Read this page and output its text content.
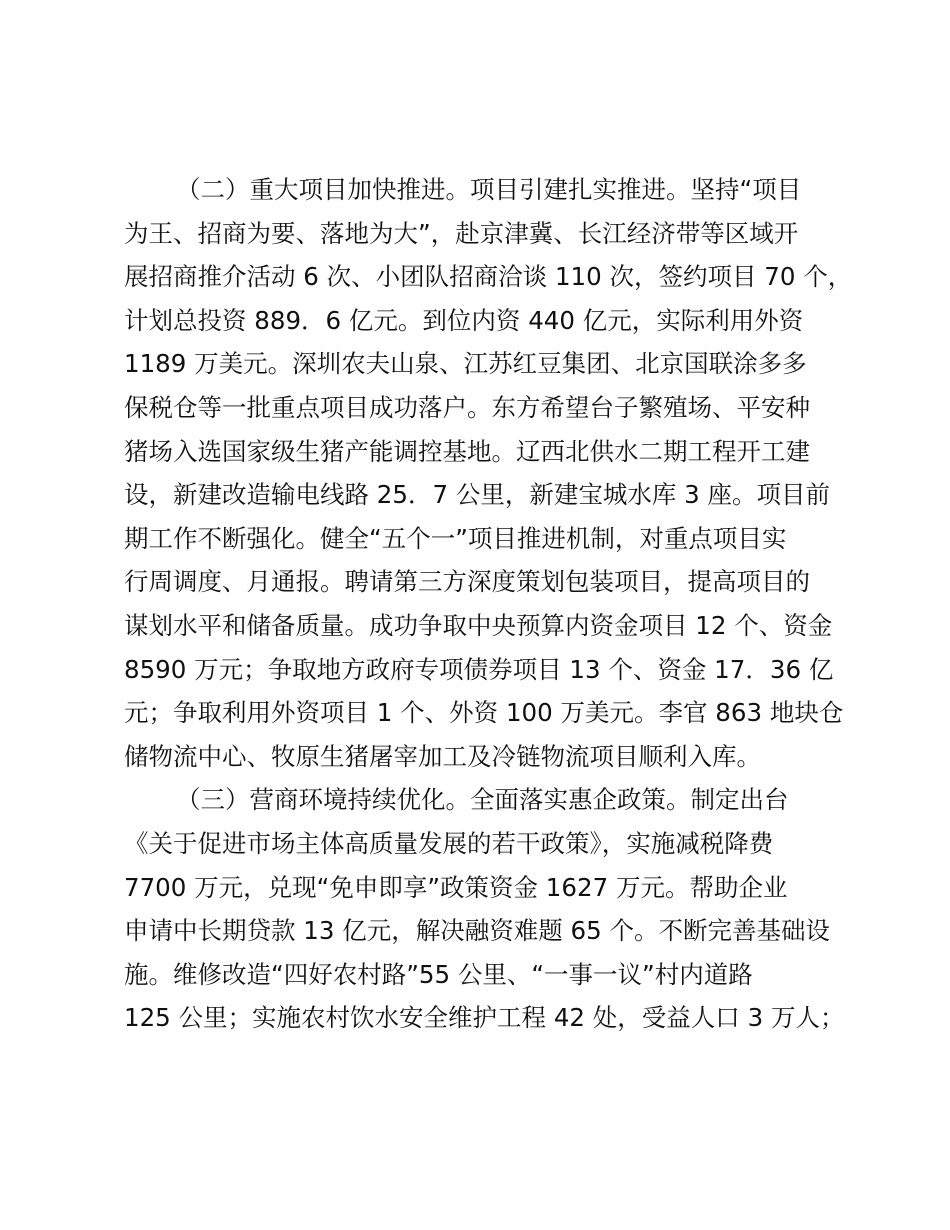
（二）重大项目加快推进。项目引建扎实推进。坚持“项目
为王、招商为要、落地为大”，赴京津冀、长江经济带等区域开
展招商推介活动 6 次、小团队招商洽谈 110 次，签约项目 70 个，
计划总投资 889．6 亿元。到位内资 440 亿元，实际利用外资
1189 万美元。深圳农夫山泉、江苏红豆集团、北京国联涂多多
保税仓等一批重点项目成功落户。东方希望台子繁殖场、平安种
猪场入选国家级生猪产能调控基地。辽西北供水二期工程开工建
设，新建改造输电线路 25．7 公里，新建宝城水库 3 座。项目前
期工作不断强化。健全“五个一”项目推进机制，对重点项目实
行周调度、月通报。聘请第三方深度策划包装项目，提高项目的
谋划水平和储备质量。成功争取中央预算内资金项目 12 个、资金
8590 万元；争取地方政府专项债券项目 13 个、资金 17．36 亿
元；争取利用外资项目 1 个、外资 100 万美元。李官 863 地块仓
储物流中心、牧原生猪屠宰加工及冷链物流项目顺利入库。
（三）营商环境持续优化。全面落实惠企政策。制定出台
《关于促进市场主体高质量发展的若干政策》，实施减税降费
7700 万元，兑现“免申即享”政策资金 1627 万元。帮助企业
申请中长期贷款 13 亿元，解决融资难题 65 个。不断完善基础设
施。维修改造“四好农村路”55 公里、“一事一议”村内道路
125 公里；实施农村饮水安全维护工程 42 处，受益人口 3 万人；
